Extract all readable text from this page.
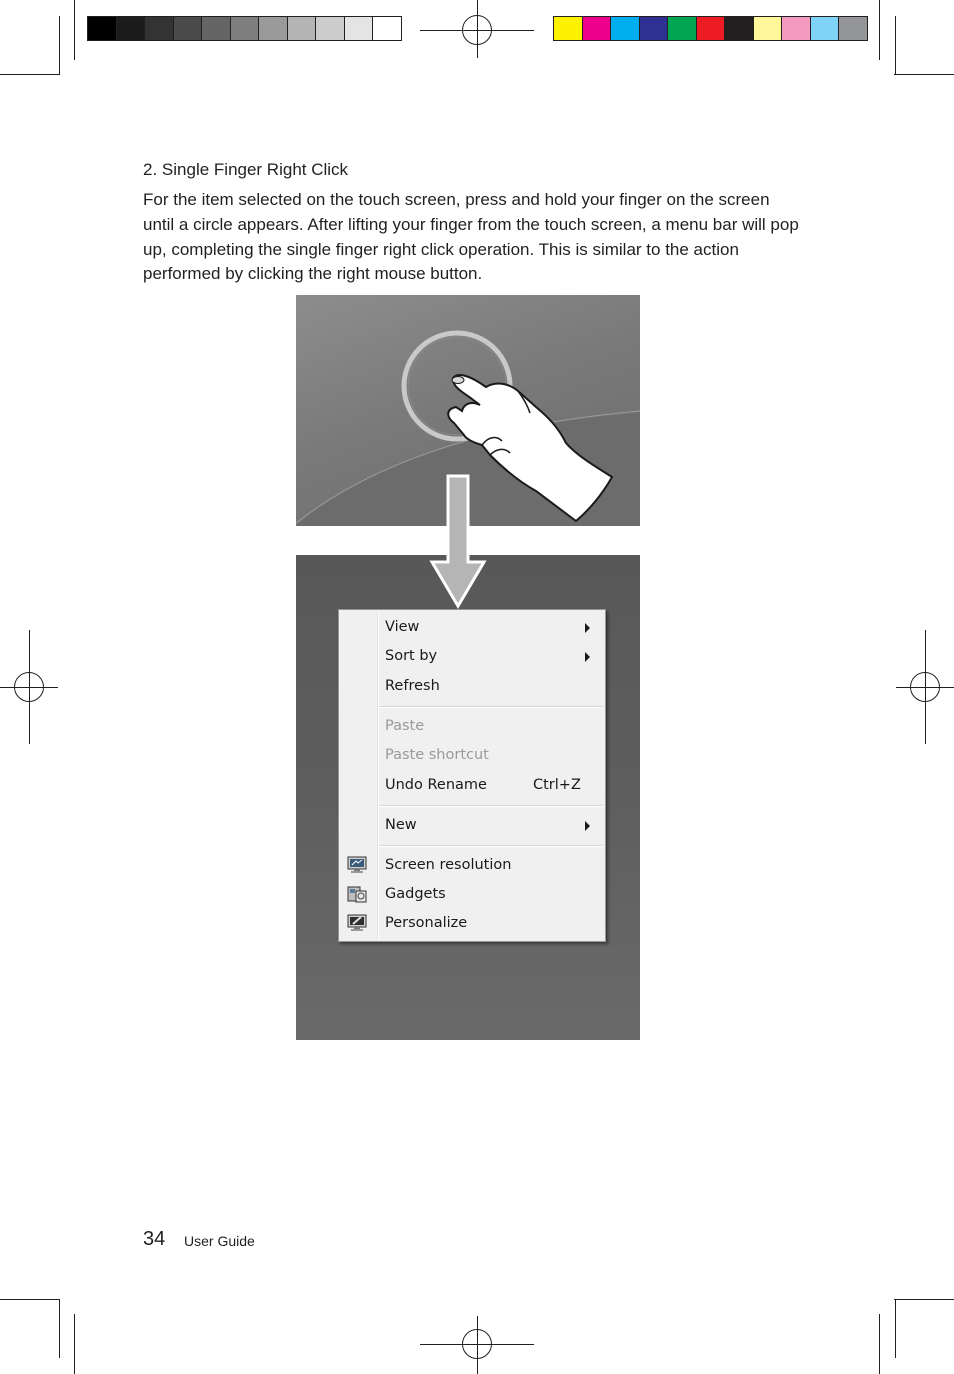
2. Single Finger Right Click

For the item selected on the touch screen, press and hold your finger on the screen until a circle appears. After lifting your finger from the touch screen, a menu bar will pop up, completing the single finger right click operation. This is similar to the action performed by clicking the right mouse button.

View
Sort by
Refresh
Paste
Paste shortcut
Undo Rename	Ctrl+Z
New
Screen resolution
Gadgets
Personalize
34 User Guide
